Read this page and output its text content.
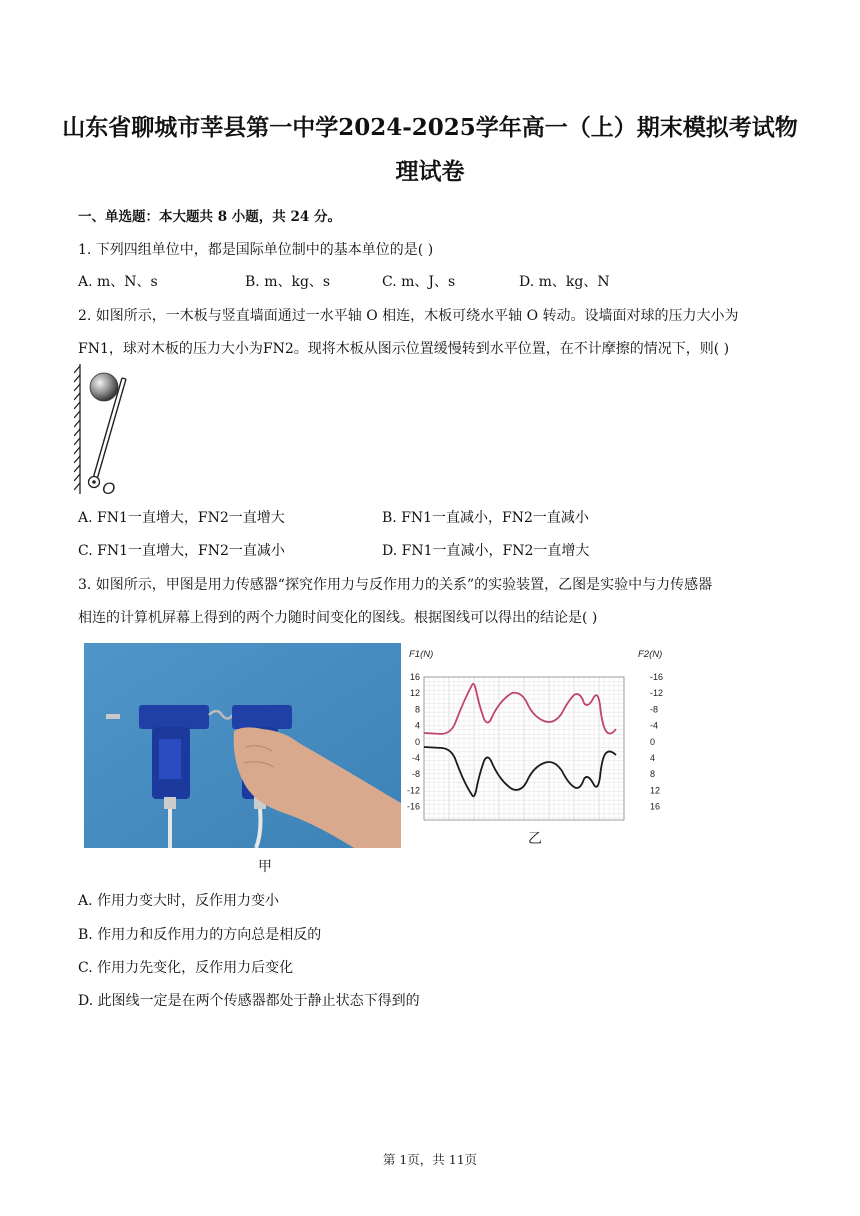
山东省聊城市莘县第一中学2024-2025学年高一（上）期末模拟考试物
理试卷
一、单选题：本大题共 8 小题，共 24 分。
1. 下列四组单位中，都是国际单位制中的基本单位的是( )
A. m、N、s	B. m、kg、s	C. m、J、s	D. m、kg、N
2. 如图所示，一木板与竖直墙面通过一水平轴 O 相连，木板可绕水平轴 O 转动。设墙面对球的压力大小为
FN1，球对木板的压力大小为FN2。现将木板从图示位置缓慢转到水平位置，在不计摩擦的情况下，则( )
O
A. FN1一直增大，FN2一直增大	B. FN1一直减小，FN2一直减小
C. FN1一直增大，FN2一直减小	D. FN1一直减小，FN2一直增大
3. 如图所示，甲图是用力传感器“探究作用力与反作用力的关系”的实验装置，乙图是实验中与力传感器
相连的计算机屏幕上得到的两个力随时间变化的图线。根据图线可以得出的结论是( )
甲
F1(N)	F2(N)
16
12
8
4
0
-4
-8
-12
-16
-16
-12
-8
-4
0
4
8
12
16
乙
A. 作用力变大时，反作用力变小
B. 作用力和反作用力的方向总是相反的
C. 作用力先变化，反作用力后变化
D. 此图线一定是在两个传感器都处于静止状态下得到的
第 1页，共 11页
